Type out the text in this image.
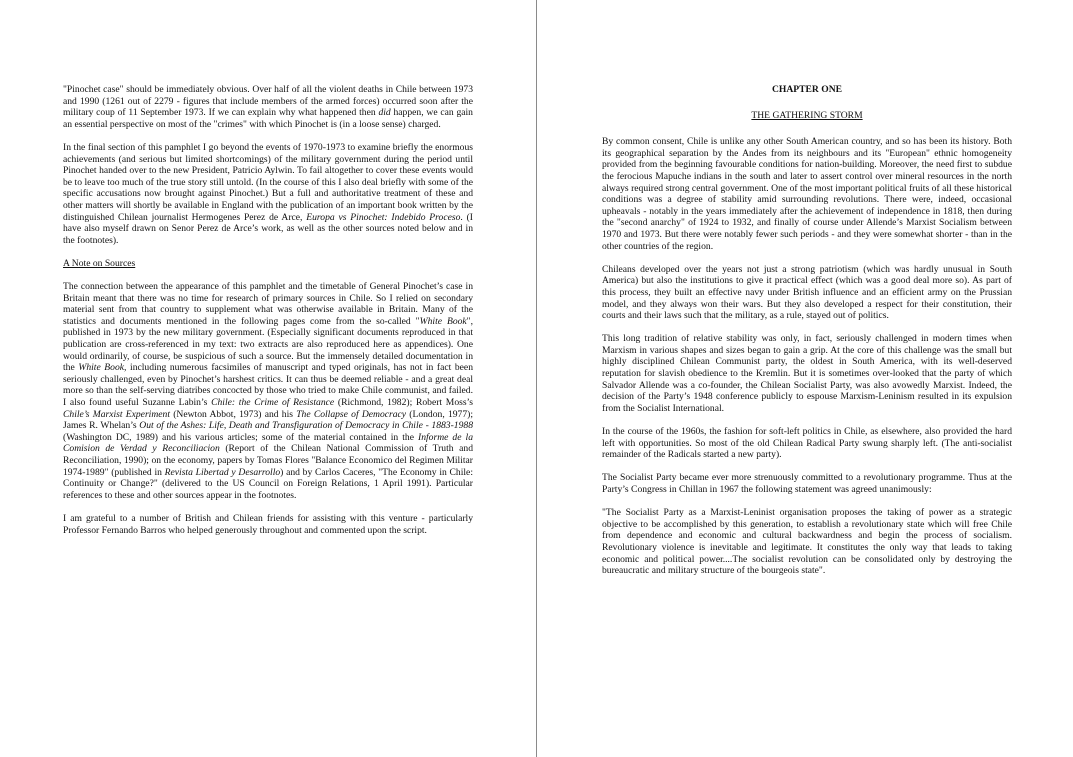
"Pinochet case" should be immediately obvious. Over half of all the violent deaths in Chile between 1973 and 1990 (1261 out of 2279 - figures that include members of the armed forces) occurred soon after the military coup of 11 September 1973. If we can explain why what happened then did happen, we can gain an essential perspective on most of the "crimes" with which Pinochet is (in a loose sense) charged.

In the final section of this pamphlet I go beyond the events of 1970-1973 to examine briefly the enormous achievements (and serious but limited shortcomings) of the military government during the period until Pinochet handed over to the new President, Patricio Aylwin. To fail altogether to cover these events would be to leave too much of the true story still untold. (In the course of this I also deal briefly with some of the specific accusations now brought against Pinochet.) But a full and authoritative treatment of these and other matters will shortly be available in England with the publication of an important book written by the distinguished Chilean journalist Hermogenes Perez de Arce, Europa vs Pinochet: Indebido Proceso. (I have also myself drawn on Senor Perez de Arce’s work, as well as the other sources noted below and in the footnotes).

A Note on Sources

The connection between the appearance of this pamphlet and the timetable of General Pinochet’s case in Britain meant that there was no time for research of primary sources in Chile. So I relied on secondary material sent from that country to supplement what was otherwise available in Britain. Many of the statistics and documents mentioned in the following pages come from the so-called "White Book", published in 1973 by the new military government. (Especially significant documents reproduced in that publication are cross-referenced in my text: two extracts are also reproduced here as appendices). One would ordinarily, of course, be suspicious of such a source. But the immensely detailed documentation in the White Book, including numerous facsimiles of manuscript and typed originals, has not in fact been seriously challenged, even by Pinochet’s harshest critics. It can thus be deemed reliable - and a great deal more so than the self-serving diatribes concocted by those who tried to make Chile communist, and failed. I also found useful Suzanne Labin’s Chile: the Crime of Resistance (Richmond, 1982); Robert Moss’s Chile’s Marxist Experiment (Newton Abbot, 1973) and his The Collapse of Democracy (London, 1977); James R. Whelan’s Out of the Ashes: Life, Death and Transfiguration of Democracy in Chile - 1883-1988 (Washington DC, 1989) and his various articles; some of the material contained in the Informe de la Comision de Verdad y Reconciliacion (Report of the Chilean National Commission of Truth and Reconciliation, 1990); on the economy, papers by Tomas Flores "Balance Economico del Regimen Militar 1974-1989" (published in Revista Libertad y Desarrollo) and by Carlos Caceres, "The Economy in Chile: Continuity or Change?" (delivered to the US Council on Foreign Relations, 1 April 1991). Particular references to these and other sources appear in the footnotes.

I am grateful to a number of British and Chilean friends for assisting with this venture - particularly Professor Fernando Barros who helped generously throughout and commented upon the script.

CHAPTER ONE
THE GATHERING STORM

By common consent, Chile is unlike any other South American country, and so has been its history. Both its geographical separation by the Andes from its neighbours and its "European" ethnic homogeneity provided from the beginning favourable conditions for nation-building. Moreover, the need first to subdue the ferocious Mapuche indians in the south and later to assert control over mineral resources in the north always required strong central government. One of the most important political fruits of all these historical conditions was a degree of stability amid surrounding revolutions. There were, indeed, occasional upheavals - notably in the years immediately after the achievement of independence in 1818, then during the "second anarchy" of 1924 to 1932, and finally of course under Allende’s Marxist Socialism between 1970 and 1973. But there were notably fewer such periods - and they were somewhat shorter - than in the other countries of the region.

Chileans developed over the years not just a strong patriotism (which was hardly unusual in South America) but also the institutions to give it practical effect (which was a good deal more so). As part of this process, they built an effective navy under British influence and an efficient army on the Prussian model, and they always won their wars. But they also developed a respect for their constitution, their courts and their laws such that the military, as a rule, stayed out of politics.

This long tradition of relative stability was only, in fact, seriously challenged in modern times when Marxism in various shapes and sizes began to gain a grip. At the core of this challenge was the small but highly disciplined Chilean Communist party, the oldest in South America, with its well-deserved reputation for slavish obedience to the Kremlin. But it is sometimes over-looked that the party of which Salvador Allende was a co-founder, the Chilean Socialist Party, was also avowedly Marxist. Indeed, the decision of the Party’s 1948 conference publicly to espouse Marxism-Leninism resulted in its expulsion from the Socialist International.

In the course of the 1960s, the fashion for soft-left politics in Chile, as elsewhere, also provided the hard left with opportunities. So most of the old Chilean Radical Party swung sharply left. (The anti-socialist remainder of the Radicals started a new party).

The Socialist Party became ever more strenuously committed to a revolutionary programme. Thus at the Party’s Congress in Chillan in 1967 the following statement was agreed unanimously:

"The Socialist Party as a Marxist-Leninist organisation proposes the taking of power as a strategic objective to be accomplished by this generation, to establish a revolutionary state which will free Chile from dependence and economic and cultural backwardness and begin the process of socialism. Revolutionary violence is inevitable and legitimate. It constitutes the only way that leads to taking economic and political power....The socialist revolution can be consolidated only by destroying the bureaucratic and military structure of the bourgeois state".
